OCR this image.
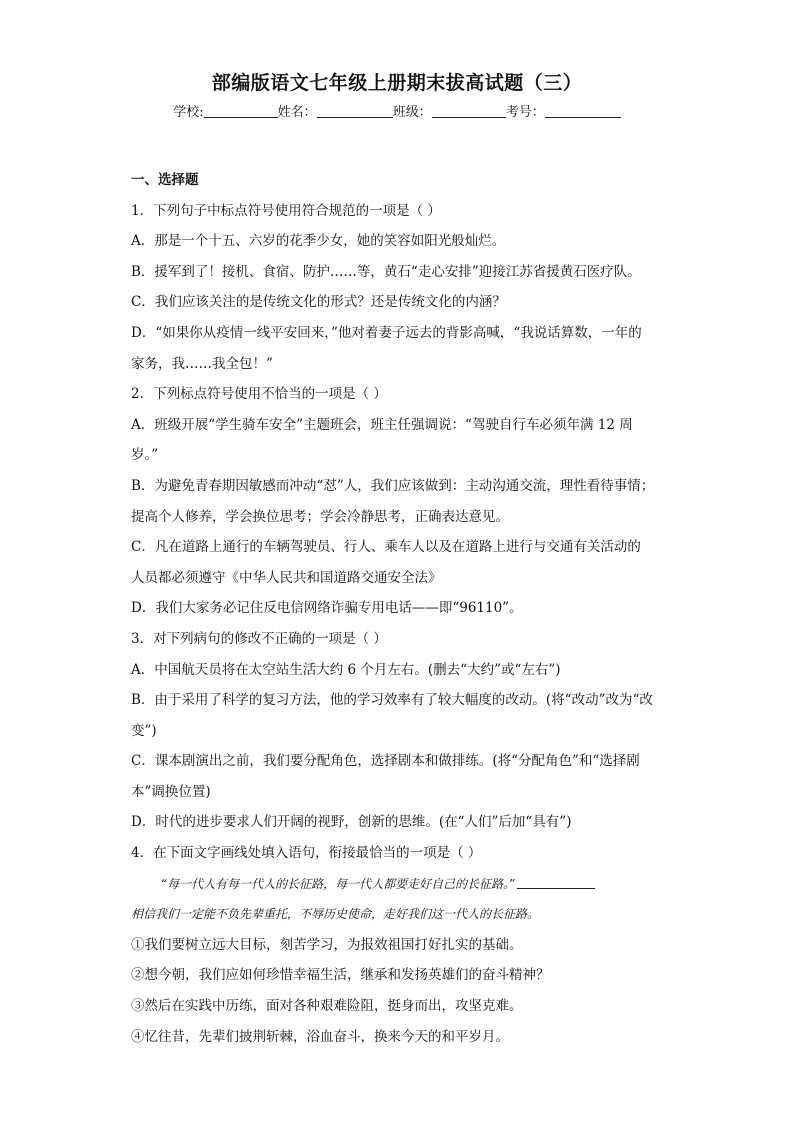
部编版语文七年级上册期末拔高试题（三）
学校:	姓名：	班级：	考号：
一、选择题
1．下列句子中标点符号使用符合规范的一项是（ ）
A．那是一个十五、六岁的花季少女，她的笑容如阳光般灿烂。
B．援军到了！接机、食宿、防护……等，黄石“走心安排”迎接江苏省援黄石医疗队。
C．我们应该关注的是传统文化的形式？还是传统文化的内涵？
D．“如果你从疫情一线平安回来，”他对着妻子远去的背影高喊，“我说话算数，一年的
家务，我……我全包！”
2．下列标点符号使用不恰当的一项是（ ）
A．班级开展“学生骑车安全”主题班会，班主任强调说：“驾驶自行车必须年满 12 周
岁。”
B．为避免青春期因敏感而冲动“怼”人，我们应该做到：主动沟通交流，理性看待事情；
提高个人修养，学会换位思考；学会冷静思考，正确表达意见。
C．凡在道路上通行的车辆驾驶员、行人、乘车人以及在道路上进行与交通有关活动的
人员都必须遵守《中华人民共和国道路交通安全法》
D．我们大家务必记住反电信网络诈骗专用电话——即“96110”。
3．对下列病句的修改不正确的一项是（ ）
A．中国航天员将在太空站生活大约 6 个月左右。(删去“大约”或“左右”)
B．由于采用了科学的复习方法，他的学习效率有了较大幅度的改动。(将“改动”改为“改
变”)
C．课本剧演出之前，我们要分配角色，选择剧本和做排练。(将“分配角色”和“选择剧
本”调换位置)
D．时代的进步要求人们开阔的视野，创新的思维。(在“人们”后加“具有”)
4．在下面文字画线处填入语句，衔接最恰当的一项是（ ）
“每一代人有每一代人的长征路，每一代人都要走好自己的长征路。”
相信我们一定能不负先辈重托，不辱历史使命，走好我们这一代人的长征路。
①我们要树立远大目标，刻苦学习，为报效祖国打好扎实的基础。
②想今朝，我们应如何珍惜幸福生活，继承和发扬英雄们的奋斗精神？
③然后在实践中历练，面对各种艰难险阻，挺身而出，攻坚克难。
④忆往昔，先辈们披荆斩棘，浴血奋斗，换来今天的和平岁月。
